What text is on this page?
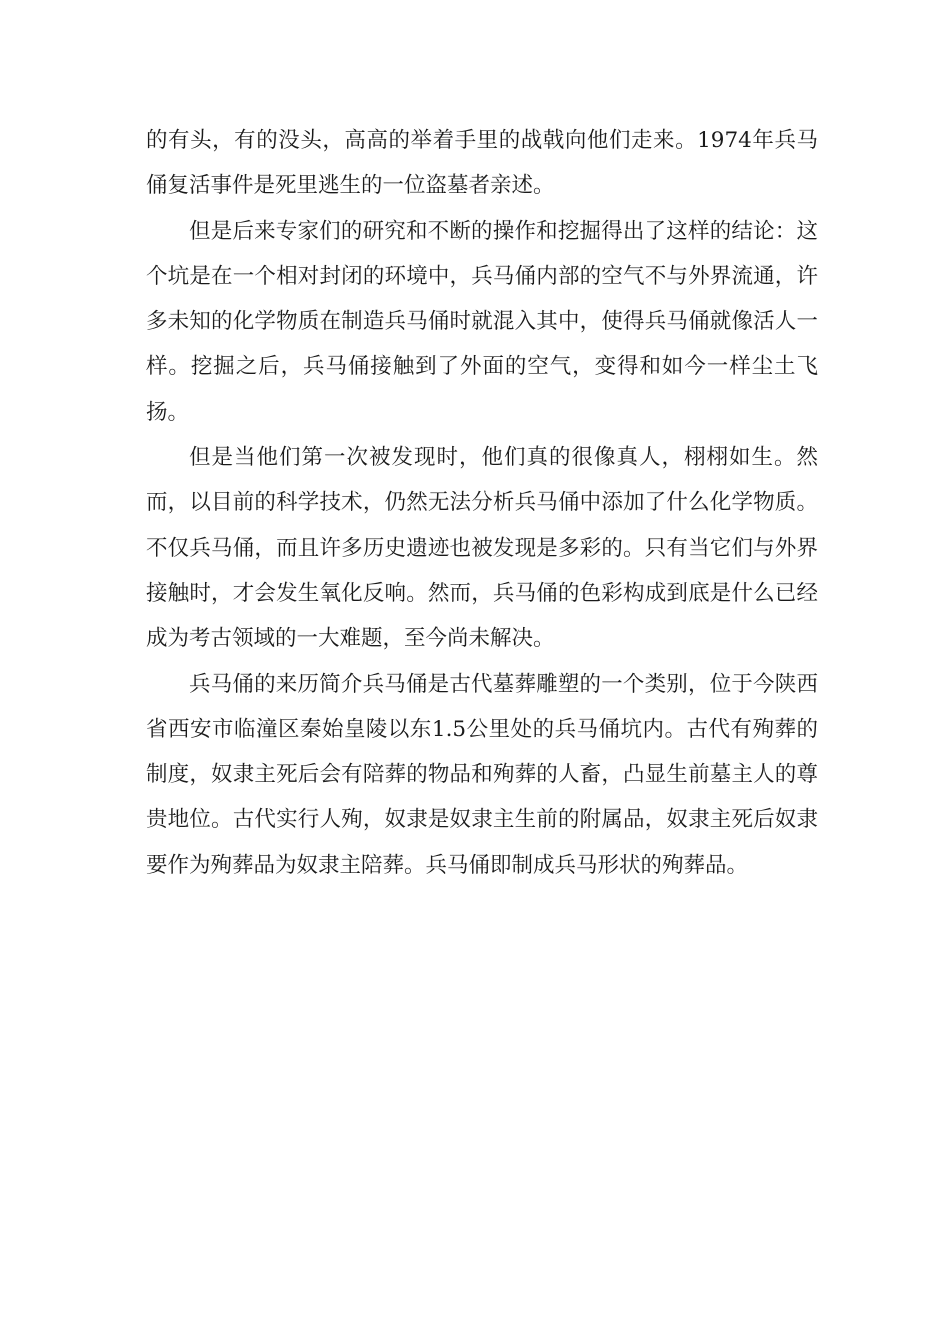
的有头，有的没头，高高的举着手里的战戟向他们走来。1974年兵马俑复活事件是死里逃生的一位盗墓者亲述。

但是后来专家们的研究和不断的操作和挖掘得出了这样的结论：这个坑是在一个相对封闭的环境中，兵马俑内部的空气不与外界流通，许多未知的化学物质在制造兵马俑时就混入其中，使得兵马俑就像活人一样。挖掘之后，兵马俑接触到了外面的空气，变得和如今一样尘土飞扬。

但是当他们第一次被发现时，他们真的很像真人，栩栩如生。然而，以目前的科学技术，仍然无法分析兵马俑中添加了什么化学物质。不仅兵马俑，而且许多历史遗迹也被发现是多彩的。只有当它们与外界接触时，才会发生氧化反响。然而，兵马俑的色彩构成到底是什么已经成为考古领域的一大难题，至今尚未解决。

兵马俑的来历简介兵马俑是古代墓葬雕塑的一个类别，位于今陕西省西安市临潼区秦始皇陵以东1.5公里处的兵马俑坑内。古代有殉葬的制度，奴隶主死后会有陪葬的物品和殉葬的人畜，凸显生前墓主人的尊贵地位。古代实行人殉，奴隶是奴隶主生前的附属品，奴隶主死后奴隶要作为殉葬品为奴隶主陪葬。兵马俑即制成兵马形状的殉葬品。
